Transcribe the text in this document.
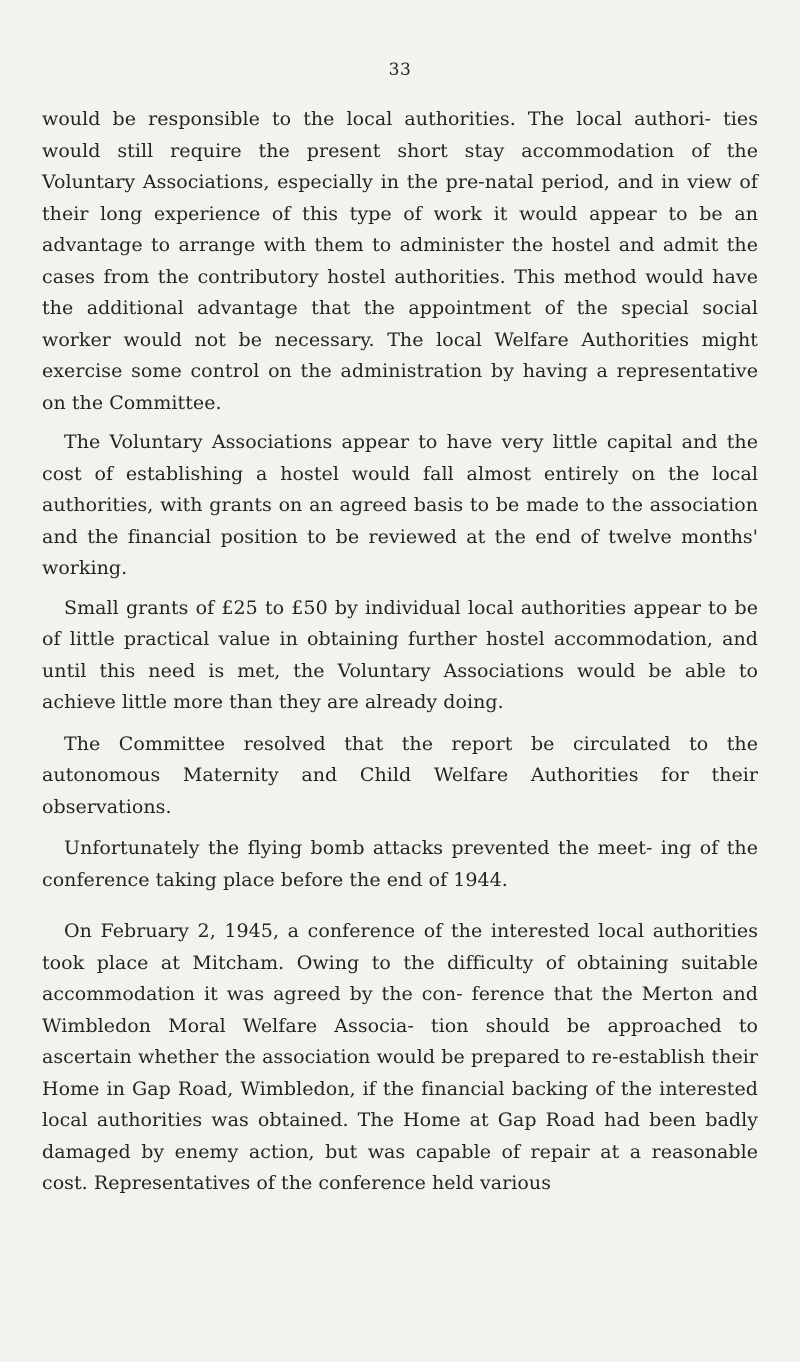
33

would be responsible to the local authorities. The local authori- ties would still require the present short stay accommodation of the Voluntary Associations, especially in the pre-natal period, and in view of their long experience of this type of work it would appear to be an advantage to arrange with them to administer the hostel and admit the cases from the contributory hostel authorities. This method would have the additional advantage that the appointment of the special social worker would not be necessary. The local Welfare Authorities might exercise some control on the administration by having a representative on the Committee.

The Voluntary Associations appear to have very little capital and the cost of establishing a hostel would fall almost entirely on the local authorities, with grants on an agreed basis to be made to the association and the financial position to be reviewed at the end of twelve months' working.

Small grants of £25 to £50 by individual local authorities appear to be of little practical value in obtaining further hostel accommodation, and until this need is met, the Voluntary Associations would be able to achieve little more than they are already doing.

The Committee resolved that the report be circulated to the autonomous Maternity and Child Welfare Authorities for their observations.

Unfortunately the flying bomb attacks prevented the meet- ing of the conference taking place before the end of 1944.

On February 2, 1945, a conference of the interested local authorities took place at Mitcham. Owing to the difficulty of obtaining suitable accommodation it was agreed by the con- ference that the Merton and Wimbledon Moral Welfare Associa- tion should be approached to ascertain whether the association would be prepared to re-establish their Home in Gap Road, Wimbledon, if the financial backing of the interested local authorities was obtained. The Home at Gap Road had been badly damaged by enemy action, but was capable of repair at a reasonable cost. Representatives of the conference held various
